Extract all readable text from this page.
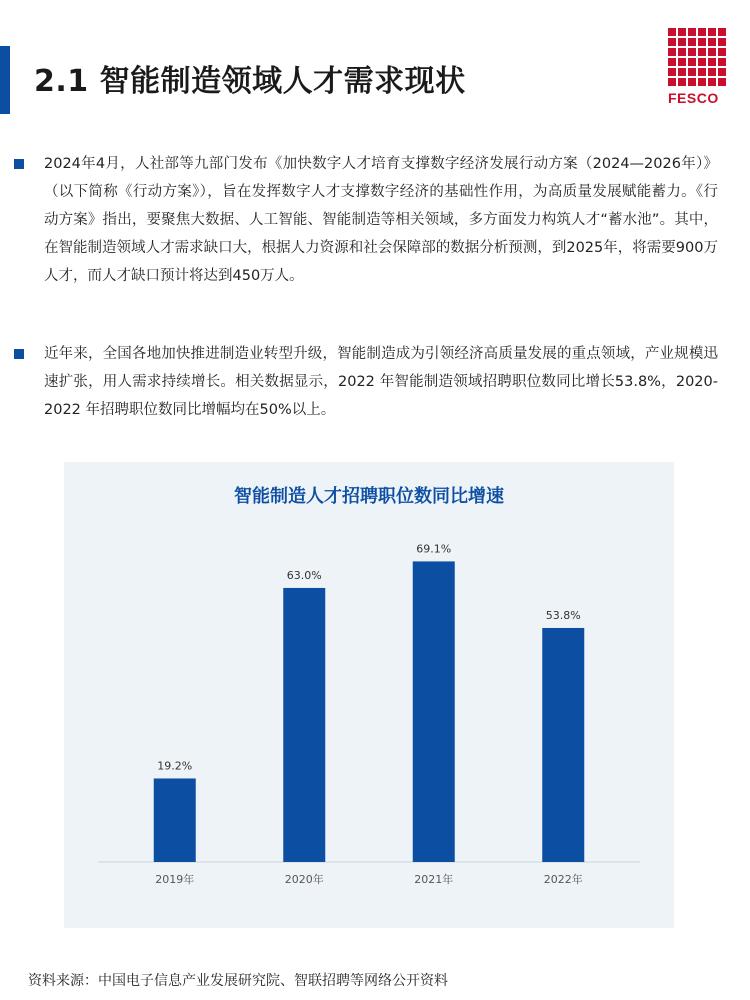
2.1 智能制造领域人才需求现状	FESCO

2024年4月，人社部等九部门发布《加快数字人才培育支撑数字经济发展行动方案（2024—2026年）》（以下简称《行动方案》），旨在发挥数字人才支撑数字经济的基础性作用，为高质量发展赋能蓄力。《行动方案》指出，要聚焦大数据、人工智能、智能制造等相关领域，多方面发力构筑人才“蓄水池”。其中，在智能制造领域人才需求缺口大，根据人力资源和社会保障部的数据分析预测，到2025年，将需要900万人才，而人才缺口预计将达到450万人。

近年来，全国各地加快推进制造业转型升级，智能制造成为引领经济高质量发展的重点领域，产业规模迅速扩张，用人需求持续增长。相关数据显示，2022 年智能制造领域招聘职位数同比增长53.8%，2020-2022 年招聘职位数同比增幅均在50%以上。

智能制造人才招聘职位数同比增速
19.2%
2019年
63.0%
2020年
69.1%
2021年
53.8%
2022年
资料来源：中国电子信息产业发展研究院、智联招聘等网络公开资料
